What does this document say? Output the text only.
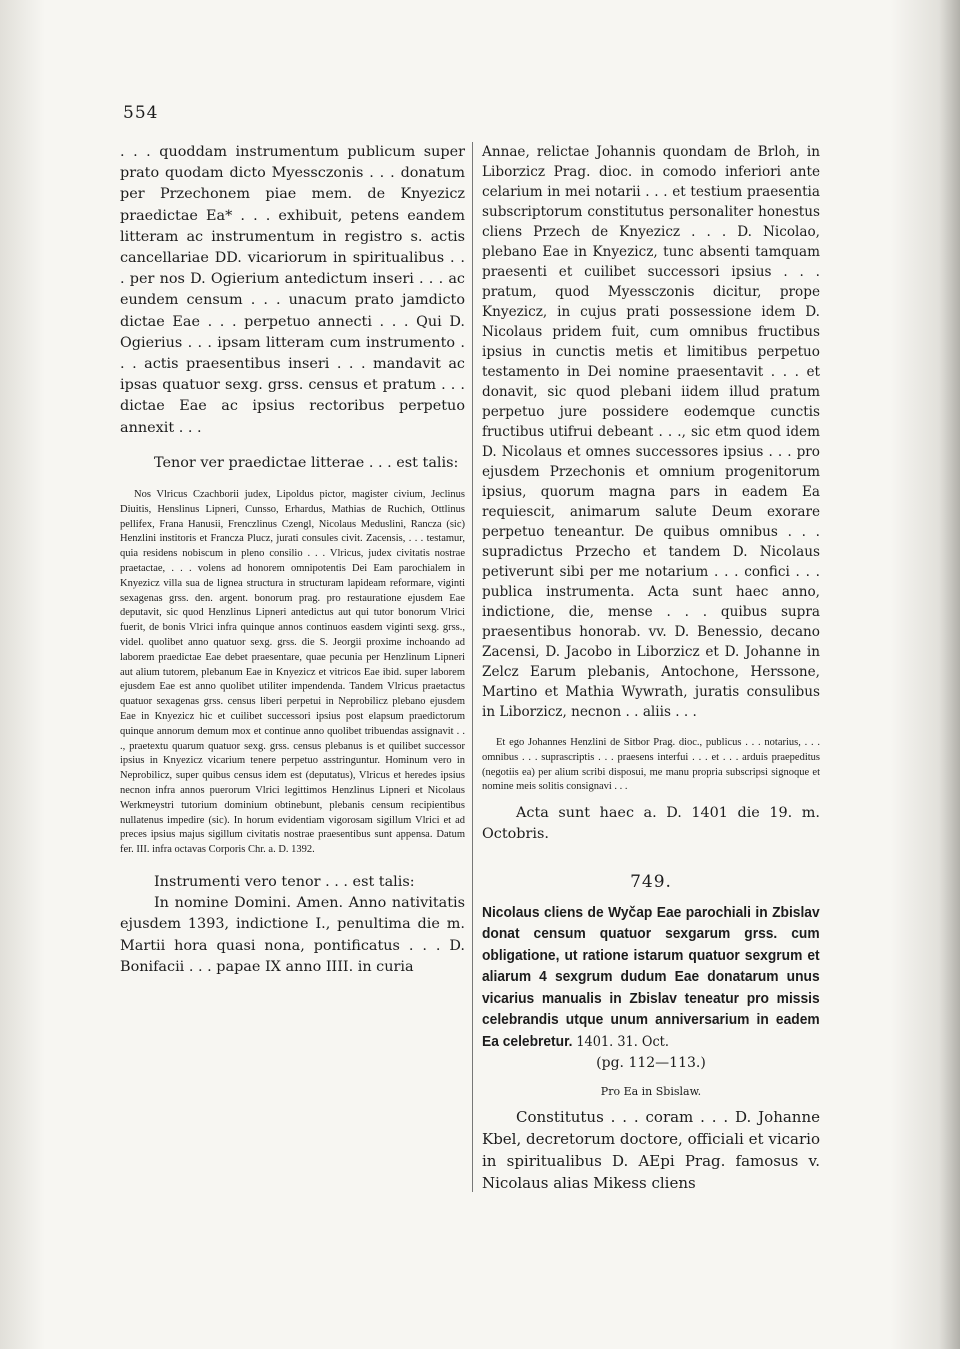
554

. . . quoddam instrumentum publicum super prato quodam dicto Myessczonis . . . donatum per Przechonem piae mem. de Knyezicz praedictae Ea* . . . exhibuit, petens eandem litteram ac instrumentum in registro s. actis cancellariae DD. vicariorum in spiritualibus . . . per nos D. Ogierium antedictum inseri . . . ac eundem censum . . . unacum prato jamdicto dictae Eae . . . perpetuo annecti . . . Qui D. Ogierius . . . ipsam litteram cum instrumento . . . actis praesentibus inseri . . . mandavit ac ipsas quatuor sexg. grss. census et pratum . . . dictae Eae ac ipsius rectoribus perpetuo annexit . . .

Tenor ver praedictae litterae . . . est talis:

Nos Vlricus Czachborii judex, Lipoldus pictor, magister civium, Jeclinus Diuitis, Henslinus Lipneri, Cunsso, Erhardus, Mathias de Ruchich, Ottlinus pellifex, Frana Hanusii, Frenczlinus Czengl, Nicolaus Meduslini, Rancza (sic) Henzlini institoris et Francza Plucz, jurati consules civit. Zacensis, . . . testamur, quia residens nobiscum in pleno consilio . . . Vlricus, judex civitatis nostrae praetactae, . . . volens ad honorem omnipotentis Dei Eam parochialem in Knyezicz villa sua de lignea structura in structuram lapideam reformare, viginti sexagenas grss. den. argent. bonorum prag. pro restauratione ejusdem Eae deputavit, sic quod Henzlinus Lipneri antedictus aut qui tutor bonorum Vlrici fuerit, de bonis Vlrici infra quinque annos continuos easdem viginti sexg. grss., videl. quolibet anno quatuor sexg. grss. die S. Jeorgii proxime inchoando ad laborem praedictae Eae debet praesentare, quae pecunia per Henzlinum Lipneri aut alium tutorem, plebanum Eae in Knyezicz et vitricos Eae ibid. super laborem ejusdem Eae est anno quolibet utiliter impendenda. Tandem Vlricus praetactus quatuor sexagenas grss. census liberi perpetui in Neprobilicz plebano ejusdem Eae in Knyezicz hic et cuilibet successori ipsius post elapsum praedictorum quinque annorum demum mox et continue anno quolibet tribuendas assignavit . . ., praetextu quarum quatuor sexg. grss. census plebanus is et quilibet successor ipsius in Knyezicz vicarium tenere perpetuo asstringuntur. Hominum vero in Neprobilicz, super quibus census idem est (deputatus), Vlricus et heredes ipsius necnon infra annos puerorum Vlrici legittimos Henzlinus Lipneri et Nicolaus Werkmeystri tutorium dominium obtinebunt, plebanis censum recipientibus nullatenus impedire (sic). In horum evidentiam vigorosam sigillum Vlrici et ad preces ipsius majus sigillum civitatis nostrae praesentibus sunt appensa. Datum fer. III. infra octavas Corporis Chr. a. D. 1392.

Instrumenti vero tenor . . . est talis:

In nomine Domini. Amen. Anno nativitatis ejusdem 1393, indictione I., penultima die m. Martii hora quasi nona, pontificatus . . . D. Bonifacii . . . papae IX anno IIII. in curia

Annae, relictae Johannis quondam de Brloh, in Liborzicz Prag. dioc. in comodo inferiori ante celarium in mei notarii . . . et testium praesentia subscriptorum constitutus personaliter honestus cliens Przech de Knyezicz . . . D. Nicolao, plebano Eae in Knyezicz, tunc absenti tamquam praesenti et cuilibet successori ipsius . . . pratum, quod Myessczonis dicitur, prope Knyezicz, in cujus prati possessione idem D. Nicolaus pridem fuit, cum omnibus fructibus ipsius in cunctis metis et limitibus perpetuo testamento in Dei nomine praesentavit . . . et donavit, sic quod plebani iidem illud pratum perpetuo jure possidere eodemque cunctis fructibus utifrui debeant . . ., sic etm quod idem D. Nicolaus et omnes successores ipsius . . . pro ejusdem Przechonis et omnium progenitorum ipsius, quorum magna pars in eadem Ea requiescit, animarum salute Deum exorare perpetuo teneantur. De quibus omnibus . . . supradictus Przecho et tandem D. Nicolaus petiverunt sibi per me notarium . . . confici . . . publica instrumenta. Acta sunt haec anno, indictione, die, mense . . . quibus supra praesentibus honorab. vv. D. Benessio, decano Zacensi, D. Jacobo in Liborzicz et D. Johanne in Zelcz Earum plebanis, Antochone, Herssone, Martino et Mathia Wywrath, juratis consulibus in Liborzicz, necnon . . aliis . . .

Et ego Johannes Henzlini de Sitbor Prag. dioc., publicus . . . notarius, . . . omnibus . . . suprascriptis . . . praesens interfui . . . et . . . arduis praepeditus (negotiis ea) per alium scribi disposui, me manu propria subscripsi signoque et nomine meis solitis consignavi . . .

Acta sunt haec a. D. 1401 die 19. m. Octobris.

749.

Nicolaus cliens de Wyčap Eae parochiali in Zbislav donat censum quatuor sexgarum grss. cum obligatione, ut ratione istarum quatuor sexgrum et aliarum 4 sexgrum dudum Eae donatarum unus vicarius manualis in Zbislav teneatur pro missis celebrandis utque unum anniversarium in eadem Ea celebretur. 1401. 31. Oct.

(pg. 112—113.)

Pro Ea in Sbislaw.

Constitutus . . . coram . . . D. Johanne Kbel, decretorum doctore, officiali et vicario in spiritualibus D. AEpi Prag. famosus v. Nicolaus alias Mikess cliens
